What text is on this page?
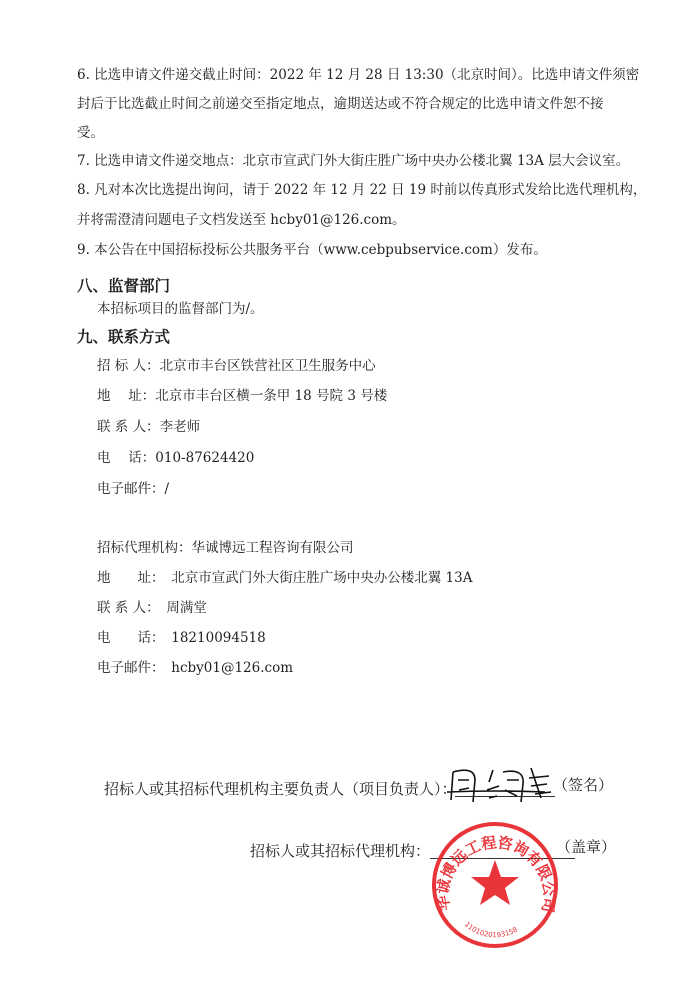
6. 比选申请文件递交截止时间：2022 年 12 月 28 日 13:30（北京时间）。比选申请文件须密
封后于比选截止时间之前递交至指定地点，逾期送达或不符合规定的比选申请文件恕不接
受。
7. 比选申请文件递交地点：北京市宣武门外大街庄胜广场中央办公楼北翼 13A 层大会议室。
8. 凡对本次比选提出询问，请于 2022 年 12 月 22 日 19 时前以传真形式发给比选代理机构，
并将需澄清问题电子文档发送至 hcby01@126.com。
9. 本公告在中国招标投标公共服务平台（www.cebpubservice.com）发布。
八、监督部门
本招标项目的监督部门为/。
九、联系方式
招 标 人：北京市丰台区铁营社区卫生服务中心
地　 址：北京市丰台区横一条甲 18 号院 3 号楼
联 系 人：李老师
电　 话：010-87624420
电子邮件：/
招标代理机构：华诚博远工程咨询有限公司
地　　址：　北京市宣武门外大街庄胜广场中央办公楼北翼 13A
联 系 人：　周满堂
电　　话：　18210094518
电子邮件：　hcby01@126.com
招标人或其招标代理机构主要负责人（项目负责人）：	（签名）
招标人或其招标代理机构：	（盖章）
华诚博远工程咨询有限公司
1101020193158
